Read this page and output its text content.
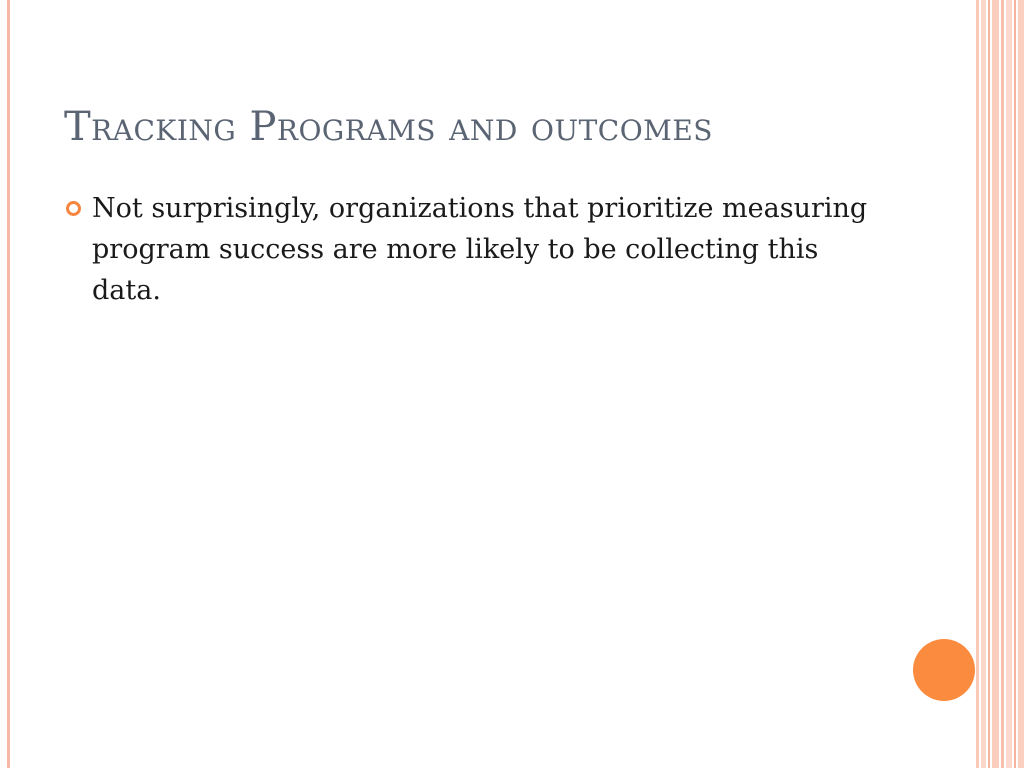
Tracking Programs and outcomes
Not surprisingly, organizations that prioritize measuring program success are more likely to be collecting this data.
